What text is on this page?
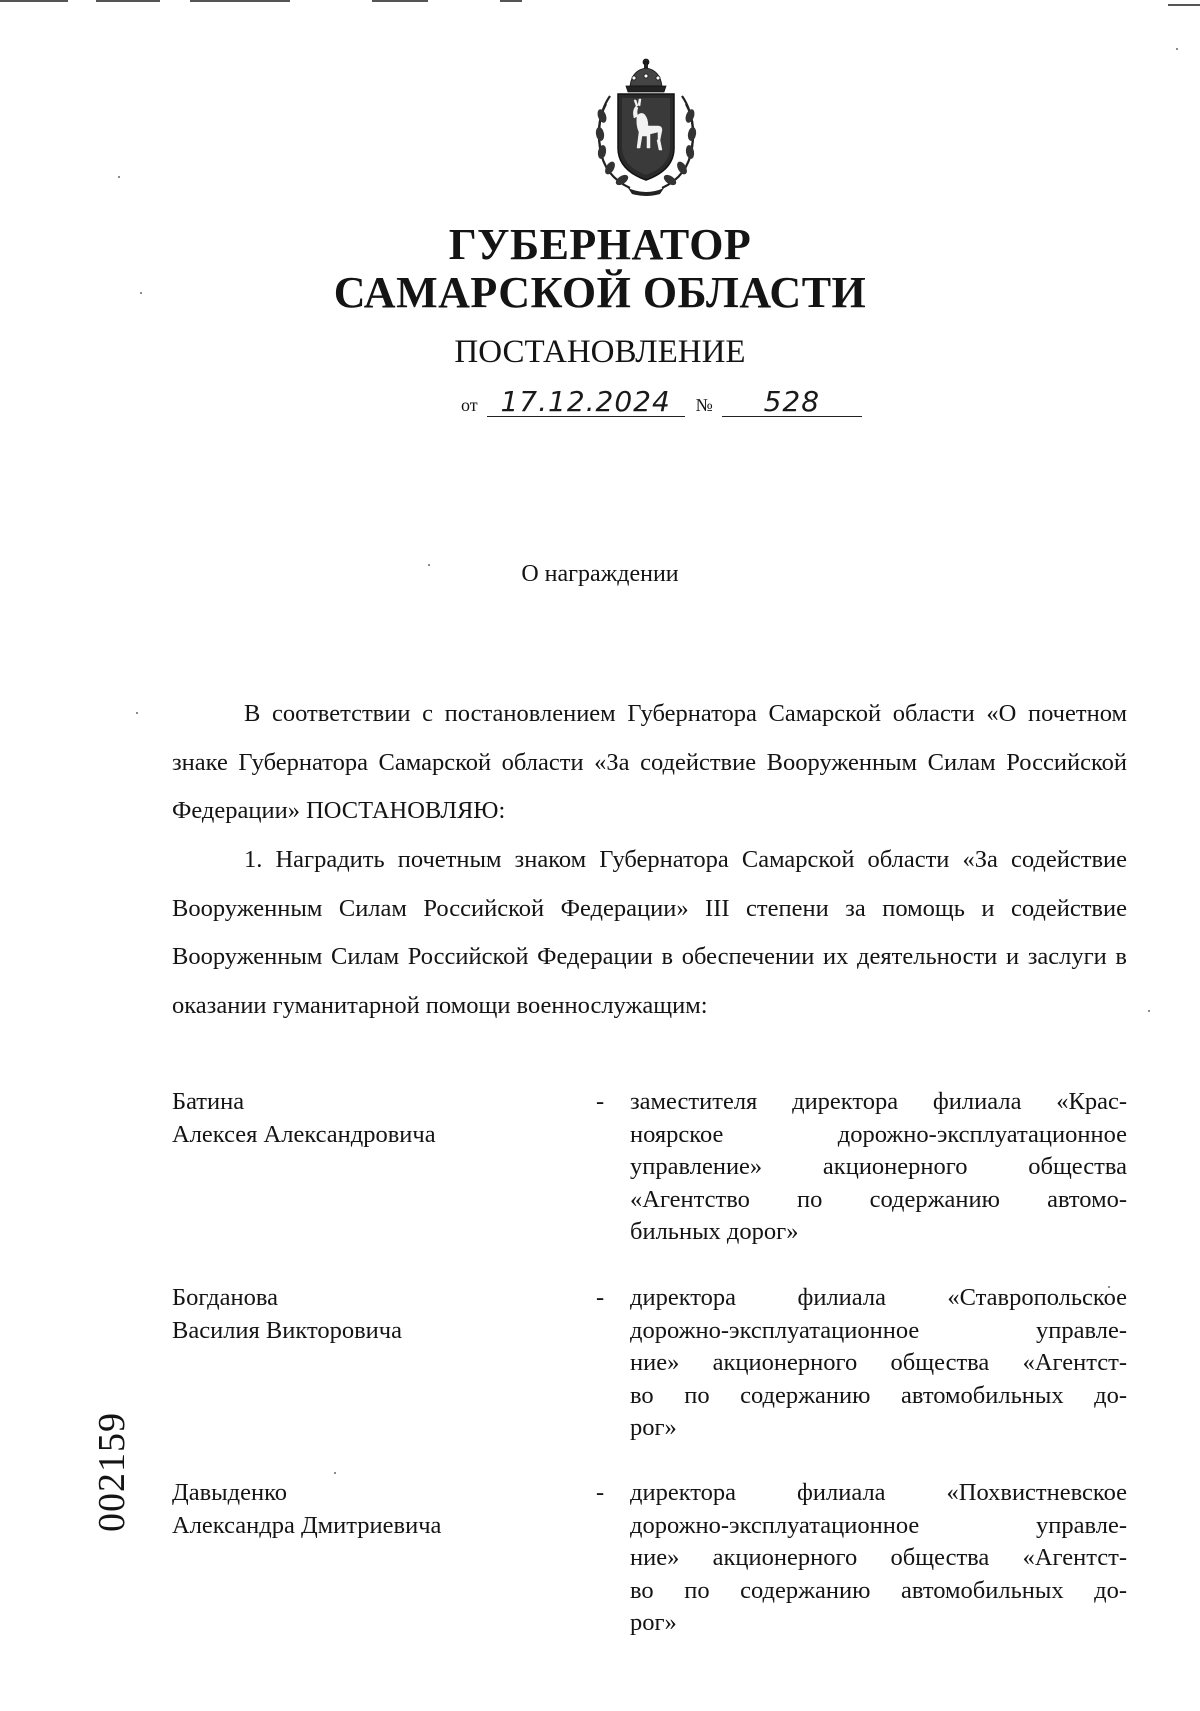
ГУБЕРНАТОР
САМАРСКОЙ ОБЛАСТИ
ПОСТАНОВЛЕНИЕ
от 17.12.2024 № 528
О награждении

В соответствии с постановлением Губернатора Самарской области «О почетном знаке Губернатора Самарской области «За содействие Вооруженным Силам Российской Федерации» ПОСТАНОВЛЯЮ:

1. Наградить почетным знаком Губернатора Самарской области «За содействие Вооруженным Силам Российской Федерации» III степени за помощь и содействие Вооруженным Силам Российской Федерации в обеспечении их деятельности и заслуги в оказании гуманитарной помощи военнослужащим:

Батина
Алексея Александровича
- заместителя директора филиала «Крас-
ноярское дорожно-эксплуатационное
управление» акционерного общества
«Агентство по содержанию автомо-
бильных дорог»
Богданова
Василия Викторовича
- директора филиала «Ставропольское
дорожно-эксплуатационное управле-
ние» акционерного общества «Агентст-
во по содержанию автомобильных до-
рог»
Давыденко
Александра Дмитриевича
- директора филиала «Похвистневское
дорожно-эксплуатационное управле-
ние» акционерного общества «Агентст-
во по содержанию автомобильных до-
рог»
002159
